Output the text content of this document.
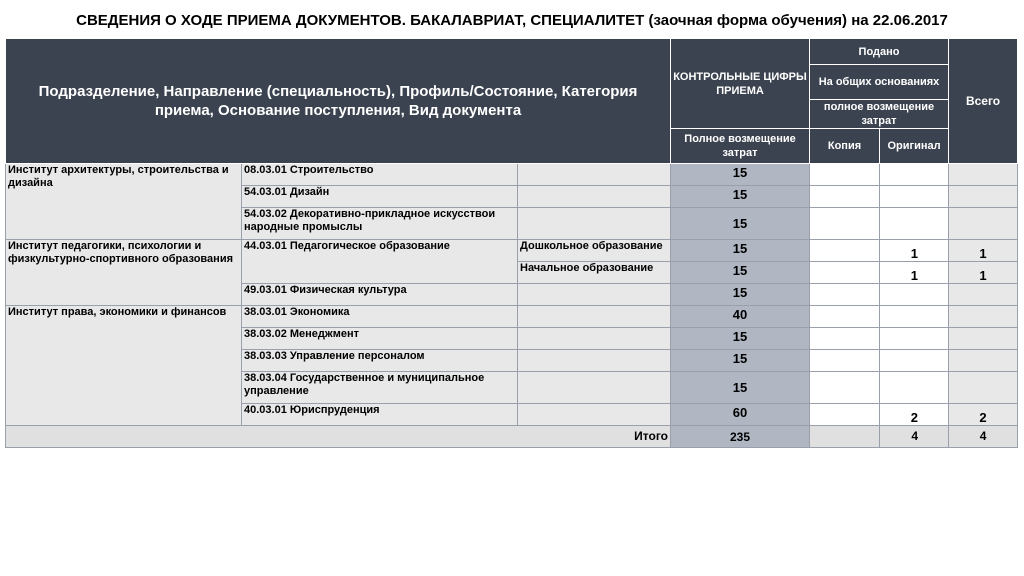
СВЕДЕНИЯ О ХОДЕ ПРИЕМА ДОКУМЕНТОВ. БАКАЛАВРИАТ, СПЕЦИАЛИТЕТ (заочная форма обучения) на 22.06.2017
Подразделение, Направление (специальность), Профиль/Состояние, Категория приема, Основание поступления, Вид документа			КОНТРОЛЬНЫЕ ЦИФРЫ ПРИЕМА	Подано		Всего
				На общих основаниях		
				полное возмещение затрат		
			Полное возмещение затрат	Копия	Оригинал	
Институт архитектуры, строительства и дизайна	08.03.01 Строительство		15			
	54.03.01 Дизайн		15			
	54.03.02 Декоративно-прикладное искусствои народные промыслы		15			
Институт педагогики, психологии и физкультурно-спортивного образования	44.03.01 Педагогическое образование	Дошкольное образование	15		1	1
		Начальное образование	15		1	1
	49.03.01 Физическая культура		15			
Институт права, экономики и финансов	38.03.01 Экономика		40			
	38.03.02 Менеджмент		15			
	38.03.03 Управление персоналом		15			
	38.03.04 Государственное и муниципальное управление		15			
	40.03.01 Юриспруденция		60		2	2
Итого			235		4	4
